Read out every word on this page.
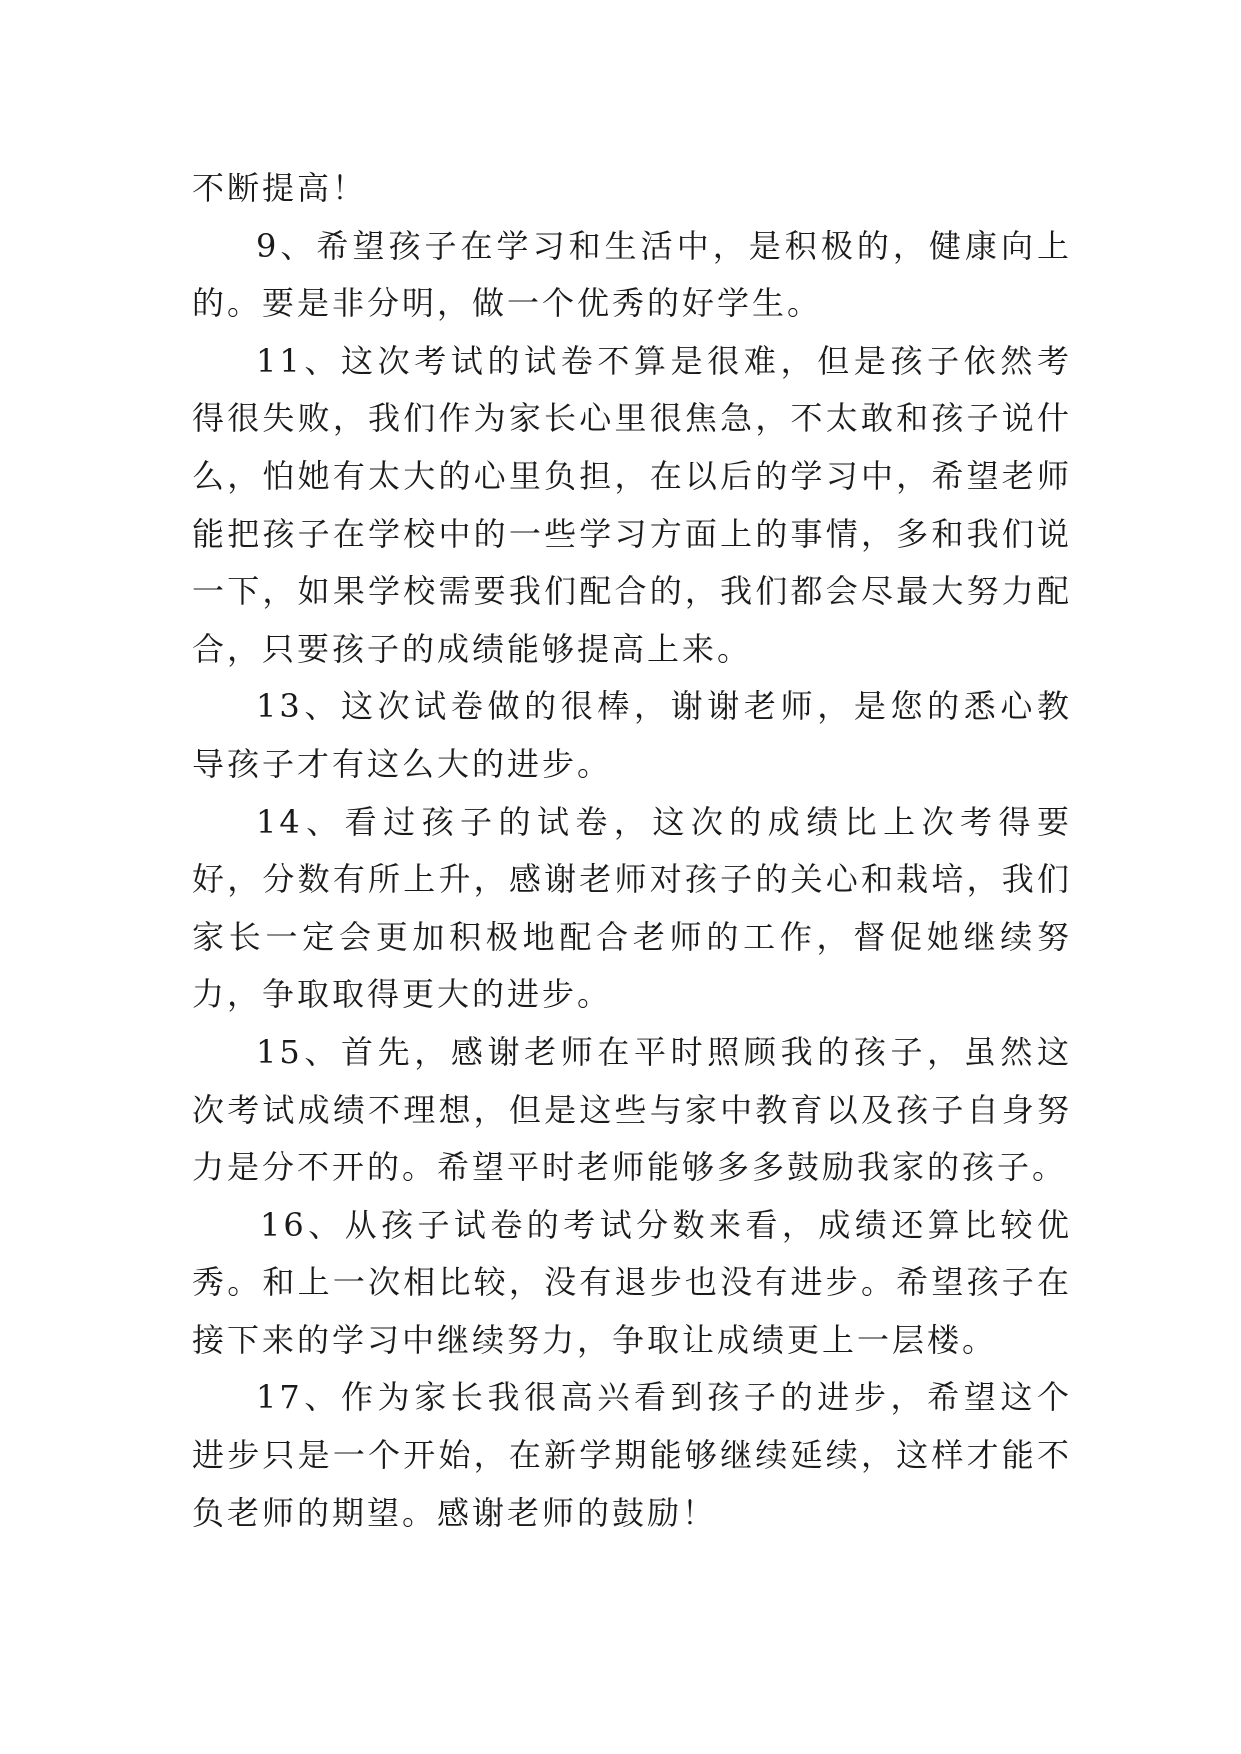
不断提高！

9、希望孩子在学习和生活中，是积极的，健康向上的。要是非分明，做一个优秀的好学生。

11、这次考试的试卷不算是很难，但是孩子依然考得很失败，我们作为家长心里很焦急，不太敢和孩子说什么，怕她有太大的心里负担，在以后的学习中，希望老师能把孩子在学校中的一些学习方面上的事情，多和我们说一下，如果学校需要我们配合的，我们都会尽最大努力配合，只要孩子的成绩能够提高上来。

13、这次试卷做的很棒，谢谢老师，是您的悉心教导孩子才有这么大的进步。

14、看过孩子的试卷，这次的成绩比上次考得要好，分数有所上升，感谢老师对孩子的关心和栽培，我们家长一定会更加积极地配合老师的工作，督促她继续努力，争取取得更大的进步。

15、首先，感谢老师在平时照顾我的孩子，虽然这次考试成绩不理想，但是这些与家中教育以及孩子自身努力是分不开的。希望平时老师能够多多鼓励我家的孩子。

16、从孩子试卷的考试分数来看，成绩还算比较优秀。和上一次相比较，没有退步也没有进步。希望孩子在接下来的学习中继续努力，争取让成绩更上一层楼。

17、作为家长我很高兴看到孩子的进步，希望这个进步只是一个开始，在新学期能够继续延续，这样才能不负老师的期望。感谢老师的鼓励！
